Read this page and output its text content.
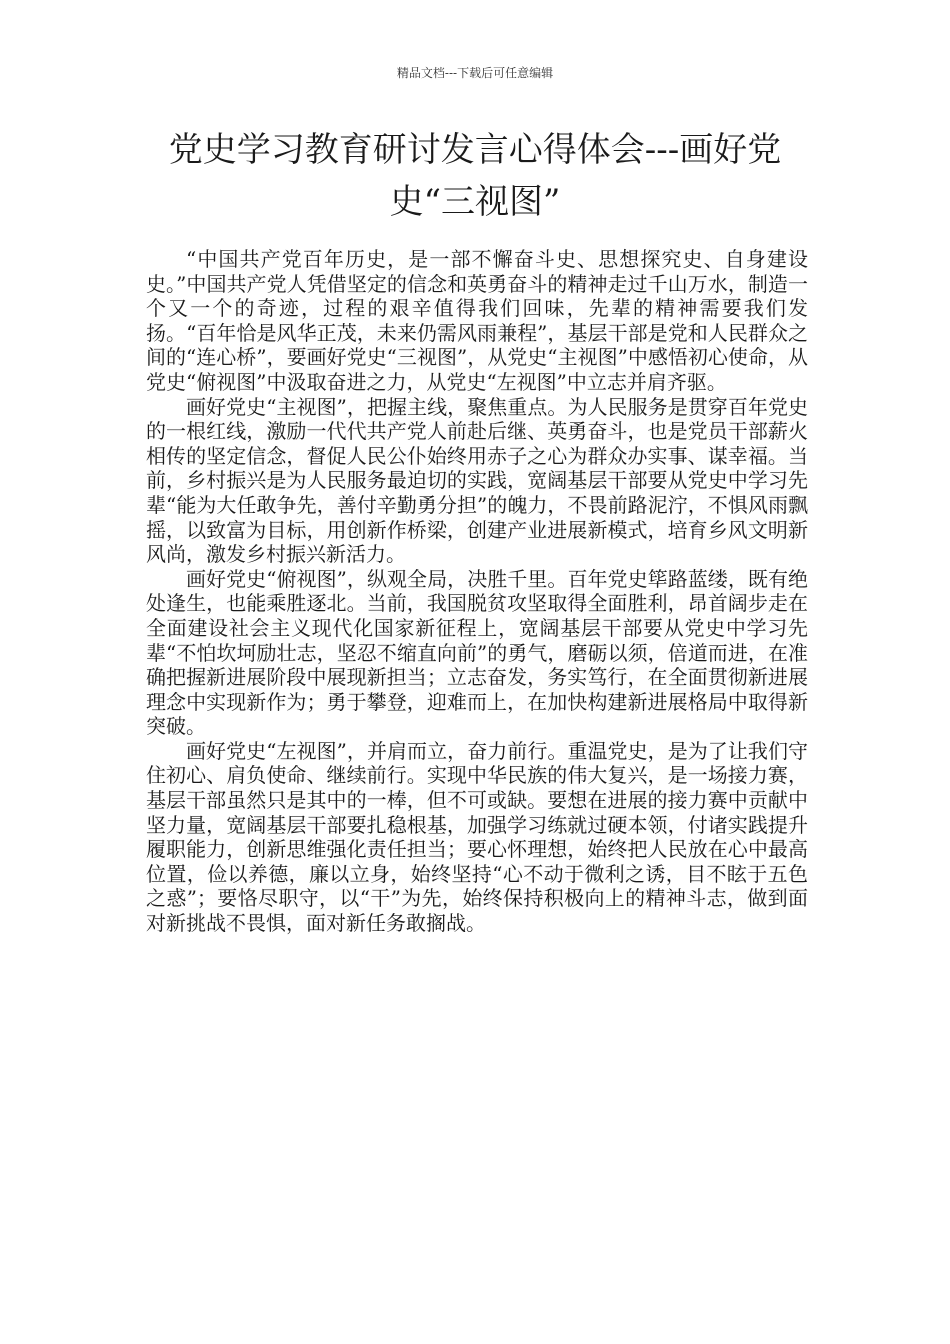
精品文档---下载后可任意编辑
党史学习教育研讨发言心得体会---画好党
史“三视图”

“中国共产党百年历史，是一部不懈奋斗史、思想探究史、自身建设史。”中国共产党人凭借坚定的信念和英勇奋斗的精神走过千山万水，制造一个又一个的奇迹，过程的艰辛值得我们回味，先辈的精神需要我们发扬。“百年恰是风华正茂，未来仍需风雨兼程”，基层干部是党和人民群众之间的“连心桥”，要画好党史“三视图”，从党史“主视图”中感悟初心使命，从党史“俯视图”中汲取奋进之力，从党史“左视图”中立志并肩齐驱。

画好党史“主视图”，把握主线，聚焦重点。为人民服务是贯穿百年党史的一根红线，激励一代代共产党人前赴后继、英勇奋斗，也是党员干部薪火相传的坚定信念，督促人民公仆始终用赤子之心为群众办实事、谋幸福。当前，乡村振兴是为人民服务最迫切的实践，宽阔基层干部要从党史中学习先辈“能为大任敢争先，善付辛勤勇分担”的魄力，不畏前路泥泞，不惧风雨飘摇，以致富为目标，用创新作桥梁，创建产业进展新模式，培育乡风文明新风尚，激发乡村振兴新活力。

画好党史“俯视图”，纵观全局，决胜千里。百年党史筚路蓝缕，既有绝处逢生，也能乘胜逐北。当前，我国脱贫攻坚取得全面胜利，昂首阔步走在全面建设社会主义现代化国家新征程上，宽阔基层干部要从党史中学习先辈“不怕坎坷励壮志，坚忍不缩直向前”的勇气，磨砺以须，倍道而进，在准确把握新进展阶段中展现新担当；立志奋发，务实笃行，在全面贯彻新进展理念中实现新作为；勇于攀登，迎难而上，在加快构建新进展格局中取得新突破。

画好党史“左视图”，并肩而立，奋力前行。重温党史，是为了让我们守住初心、肩负使命、继续前行。实现中华民族的伟大复兴，是一场接力赛，基层干部虽然只是其中的一棒，但不可或缺。要想在进展的接力赛中贡献中坚力量，宽阔基层干部要扎稳根基，加强学习练就过硬本领，付诸实践提升履职能力，创新思维强化责任担当；要心怀理想，始终把人民放在心中最高位置，俭以养德，廉以立身，始终坚持“心不动于微利之诱，目不眩于五色之惑”；要恪尽职守，以“干”为先，始终保持积极向上的精神斗志，做到面对新挑战不畏惧，面对新任务敢搁战。
